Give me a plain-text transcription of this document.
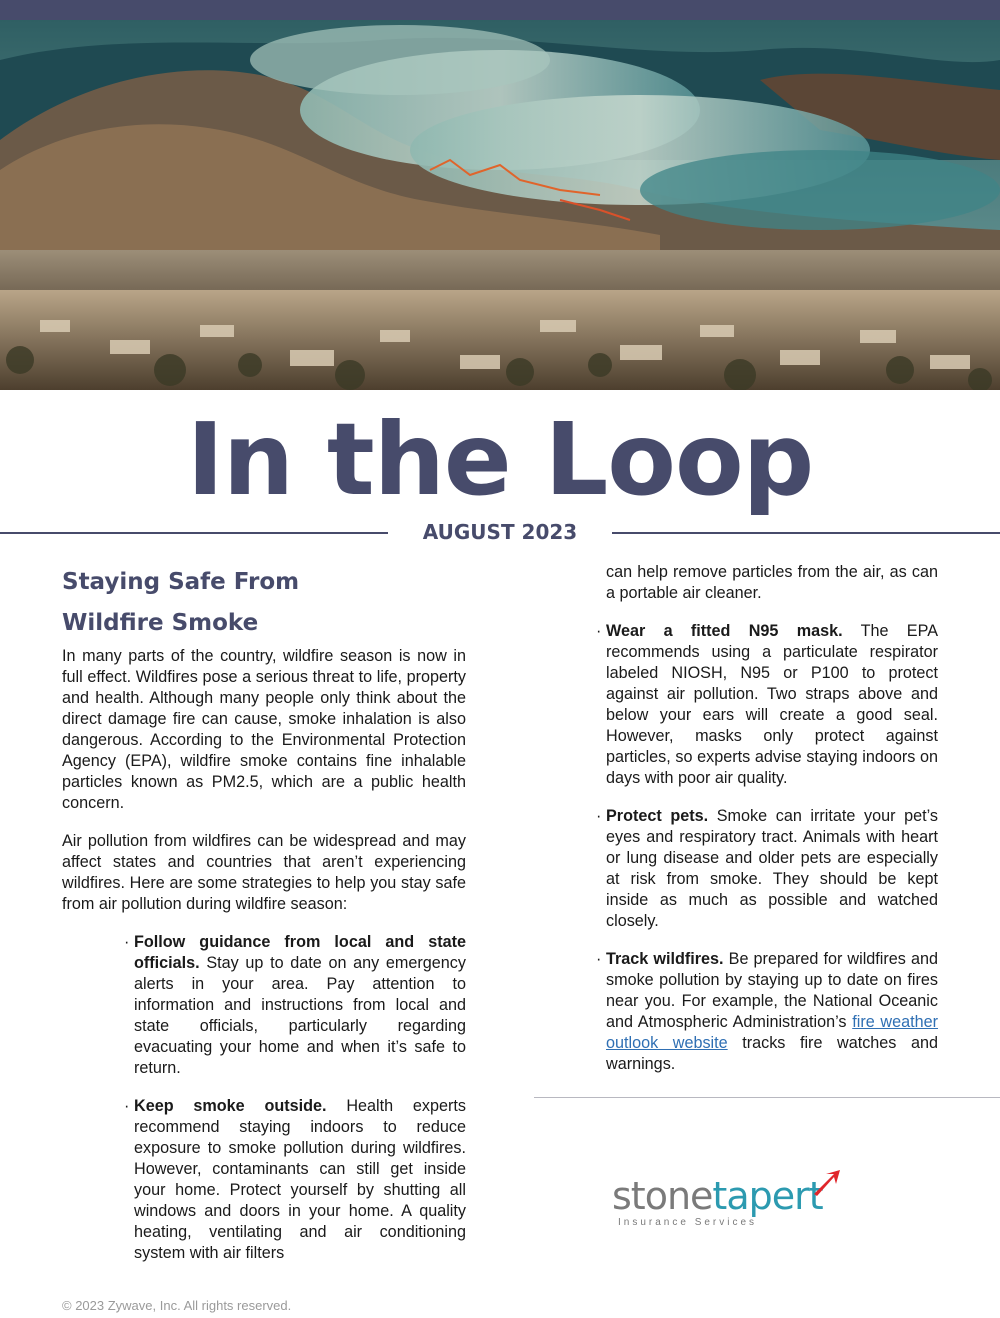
In the Loop
AUGUST 2023
Staying Safe From
Wildfire Smoke

In many parts of the country, wildfire season is now in full effect. Wildfires pose a serious threat to life, property and health. Although many people only think about the direct damage fire can cause, smoke inhalation is also dangerous. According to the Environmental Protection Agency (EPA), wildfire smoke contains fine inhalable particles known as PM2.5, which are a public health concern.

Air pollution from wildfires can be widespread and may affect states and countries that aren’t experiencing wildfires. Here are some strategies to help you stay safe from air pollution during wildfire season:

· Follow guidance from local and state officials. Stay up to date on any emergency alerts in your area. Pay attention to information and instructions from local and state officials, particularly regarding evacuating your home and when it’s safe to return.
· Keep smoke outside. Health experts recommend staying indoors to reduce exposure to smoke pollution during wildfires. However, contaminants can still get inside your home. Protect yourself by shutting all windows and doors in your home. A quality heating, ventilating and air conditioning system with air filters

can help remove particles from the air, as can a portable air cleaner.

· Wear a fitted N95 mask. The EPA recommends using a particulate respirator labeled NIOSH, N95 or P100 to protect against air pollution. Two straps above and below your ears will create a good seal. However, masks only protect against particles, so experts advise staying indoors on days with poor air quality.
· Protect pets. Smoke can irritate your pet’s eyes and respiratory tract. Animals with heart or lung disease and older pets are especially at risk from smoke. They should be kept inside as much as possible and watched closely.
· Track wildfires. Be prepared for wildfires and smoke pollution by staying up to date on fires near you. For example, the National Oceanic and Atmospheric Administration’s fire weather outlook website tracks fire watches and warnings.
stonetapert
Insurance Services
© 2023 Zywave, Inc. All rights reserved.
